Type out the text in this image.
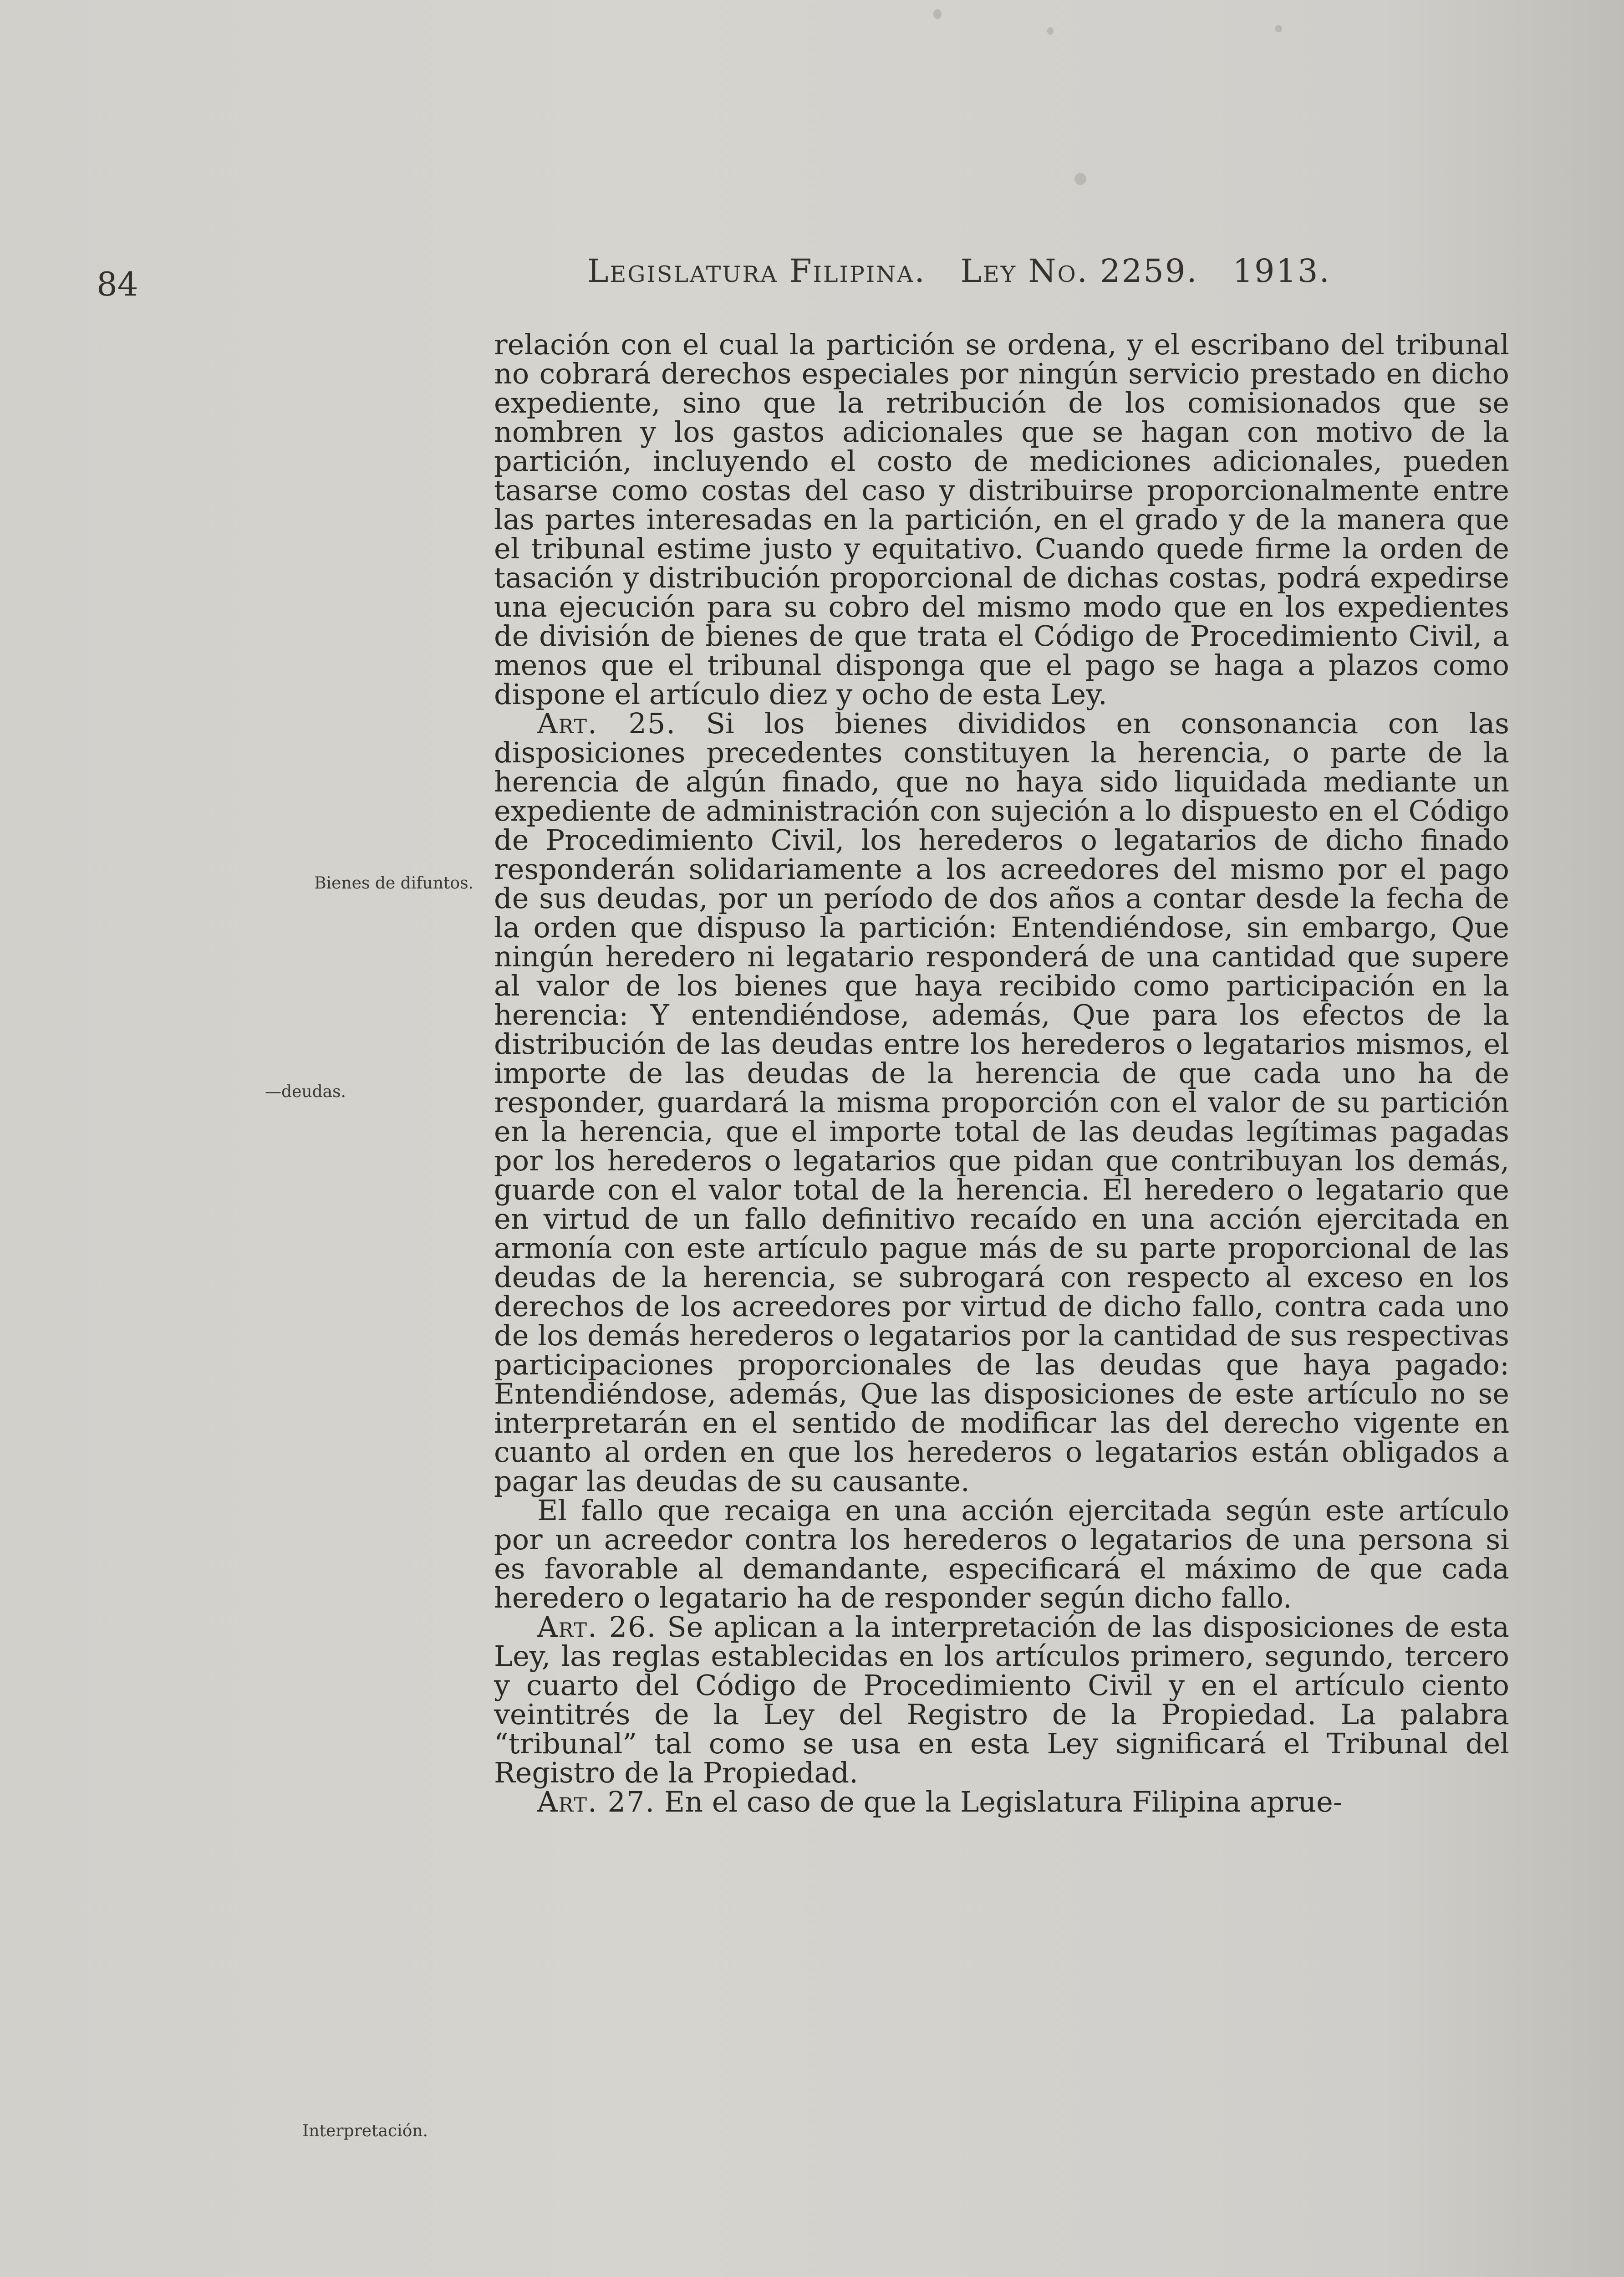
84	Legislatura Filipina. Ley No. 2259. 1913.

relación con el cual la partición se ordena, y el escribano del tribunal no cobrará derechos especiales por ningún servicio prestado en dicho expediente, sino que la retribución de los comisionados que se nombren y los gastos adicionales que se hagan con motivo de la partición, incluyendo el costo de mediciones adicionales, pueden tasarse como costas del caso y distribuirse proporcionalmente entre las partes interesadas en la partición, en el grado y de la manera que el tribunal estime justo y equitativo. Cuando quede firme la orden de tasación y distribución proporcional de dichas costas, podrá expedirse una ejecución para su cobro del mismo modo que en los expedientes de división de bienes de que trata el Código de Procedimiento Civil, a menos que el tribunal disponga que el pago se haga a plazos como dispone el artículo diez y ocho de esta Ley.

Art. 25. Si los bienes divididos en consonancia con las disposiciones precedentes constituyen la herencia, o parte de la herencia de algún finado, que no haya sido liquidada mediante un expediente de administración con sujeción a lo dispuesto en el Código de Procedimiento Civil, los herederos o legatarios de dicho finado responderán solidariamente a los acreedores del mismo por el pago de sus deudas, por un período de dos años a contar desde la fecha de la orden que dispuso la partición: Entendiéndose, sin embargo, Que ningún heredero ni legatario responderá de una cantidad que supere al valor de los bienes que haya recibido como participación en la herencia: Y entendiéndose, además, Que para los efectos de la distribución de las deudas entre los herederos o legatarios mismos, el importe de las deudas de la herencia de que cada uno ha de responder, guardará la misma proporción con el valor de su partición en la herencia, que el importe total de las deudas legítimas pagadas por los herederos o legatarios que pidan que contribuyan los demás, guarde con el valor total de la herencia. El heredero o legatario que en virtud de un fallo definitivo recaído en una acción ejercitada en armonía con este artículo pague más de su parte proporcional de las deudas de la herencia, se subrogará con respecto al exceso en los derechos de los acreedores por virtud de dicho fallo, contra cada uno de los demás herederos o legatarios por la cantidad de sus respectivas participaciones proporcionales de las deudas que haya pagado: Entendiéndose, además, Que las disposiciones de este artículo no se interpretarán en el sentido de modificar las del derecho vigente en cuanto al orden en que los herederos o legatarios están obligados a pagar las deudas de su causante.

El fallo que recaiga en una acción ejercitada según este artículo por un acreedor contra los herederos o legatarios de una persona si es favorable al demandante, especificará el máximo de que cada heredero o legatario ha de responder según dicho fallo.

Art. 26. Se aplican a la interpretación de las disposiciones de esta Ley, las reglas establecidas en los artículos primero, segundo, tercero y cuarto del Código de Procedimiento Civil y en el artículo ciento veintitrés de la Ley del Registro de la Propiedad. La palabra “tribunal” tal como se usa en esta Ley significará el Tribunal del Registro de la Propiedad.

Art. 27. En el caso de que la Legislatura Filipina aprue-

Bienes de difuntos.
—deudas.
Interpretación.
